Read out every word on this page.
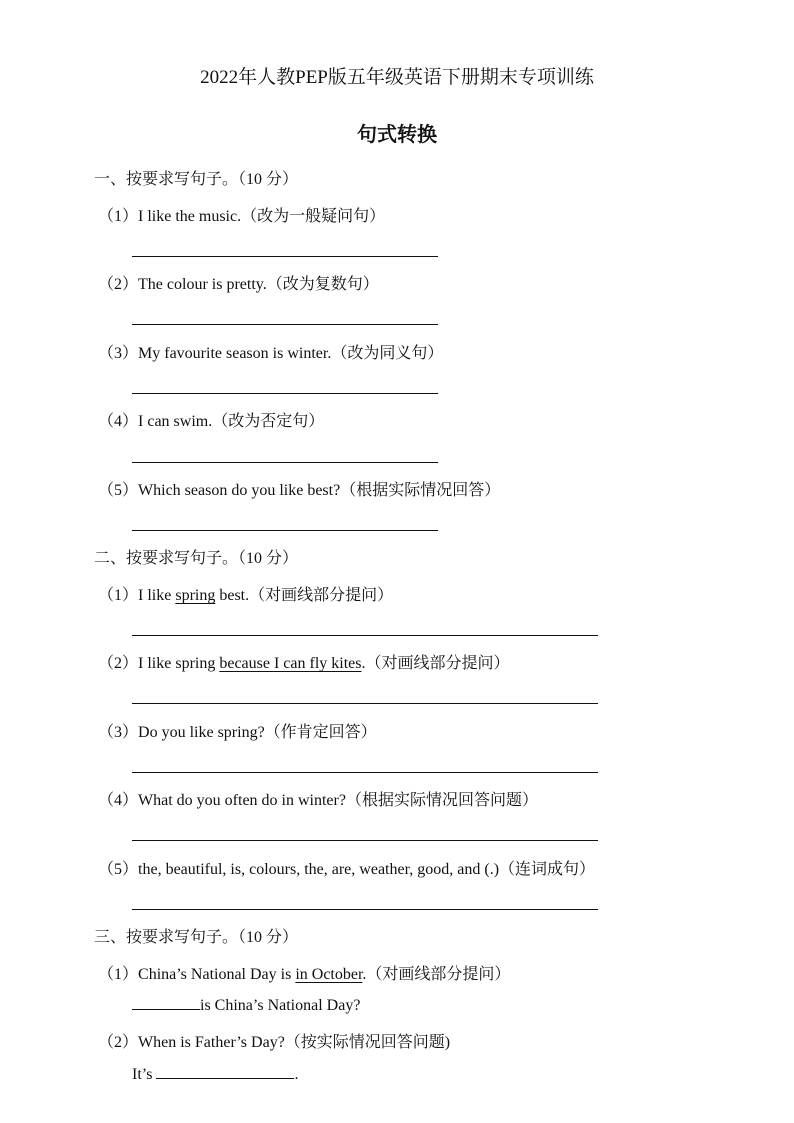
2022年人教PEP版五年级英语下册期末专项训练
句式转换
一、按要求写句子。（10 分）
（1）I like the music.（改为一般疑问句）
（2）The colour is pretty.（改为复数句）
（3）My favourite season is winter.（改为同义句）
（4）I can swim.（改为否定句）
（5）Which season do you like best?（根据实际情况回答）
二、按要求写句子。（10 分）
（1）I like spring best.（对画线部分提问）
（2）I like spring because I can fly kites.（对画线部分提问）
（3）Do you like spring?（作肯定回答）
（4）What do you often do in winter?（根据实际情况回答问题）
（5）the, beautiful, is, colours, the, are, weather, good, and (.)（连词成句）
三、按要求写句子。（10 分）
（1）China’s National Day is in October.（对画线部分提问）
is China’s National Day?
（2）When is Father’s Day?（按实际情况回答问题)
It’s	.
